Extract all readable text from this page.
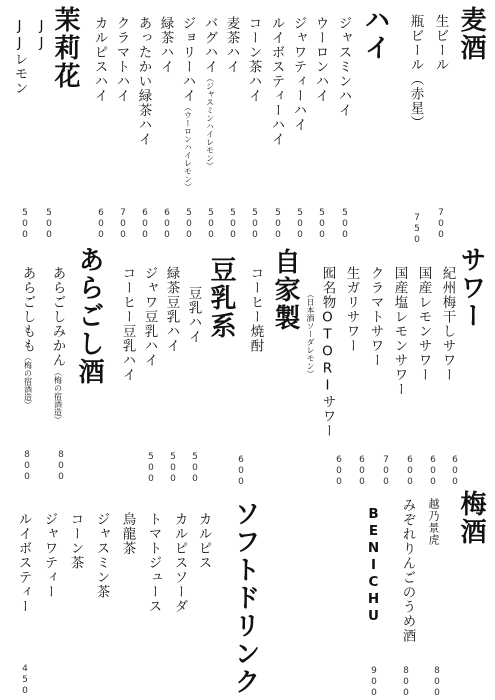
麦酒
生ビール
瓶ビール（赤星）
700
750
ハイ
ジャスミンハイ
ウーロンハイ
ジャワティーハイ
ルイボスティーハイ
コーン茶ハイ
麦茶ハイ
バグハイ（ジャスミンハイレモン）
ジョリーハイ（ウーロンハイレモン）
緑茶ハイ
あったかい緑茶ハイ
クラマトハイ
カルピスハイ
500
500
500
500
500
500
500
500
600
600
700
600
茉莉花
JJ
JJレモン
500
500
サワー
紀州梅干しサワー
国産レモンサワー
国産塩レモンサワー
クラマトサワー
生ガリサワー
囮名物OTORIサワー
（日本酒ソーダレモン）
600
600
600
700
600
600
自家製
コーヒー焼酎
600
豆乳系
豆乳ハイ
緑茶豆乳ハイ
ジャワ豆乳ハイ
コーヒー豆乳ハイ
500
500
500
あらごし酒
あらごしみかん（梅の宿酒造）
あらごしもも（梅の宿酒造）
800
800
梅酒
越乃景虎
みぞれりんごのうめ酒
BENICHU
800
800
900
ソフトドリンク
カルピス
カルピスソーダ
トマトジュース
烏龍茶
ジャスミン茶
コーン茶
ジャワティー
ルイボスティー
450
